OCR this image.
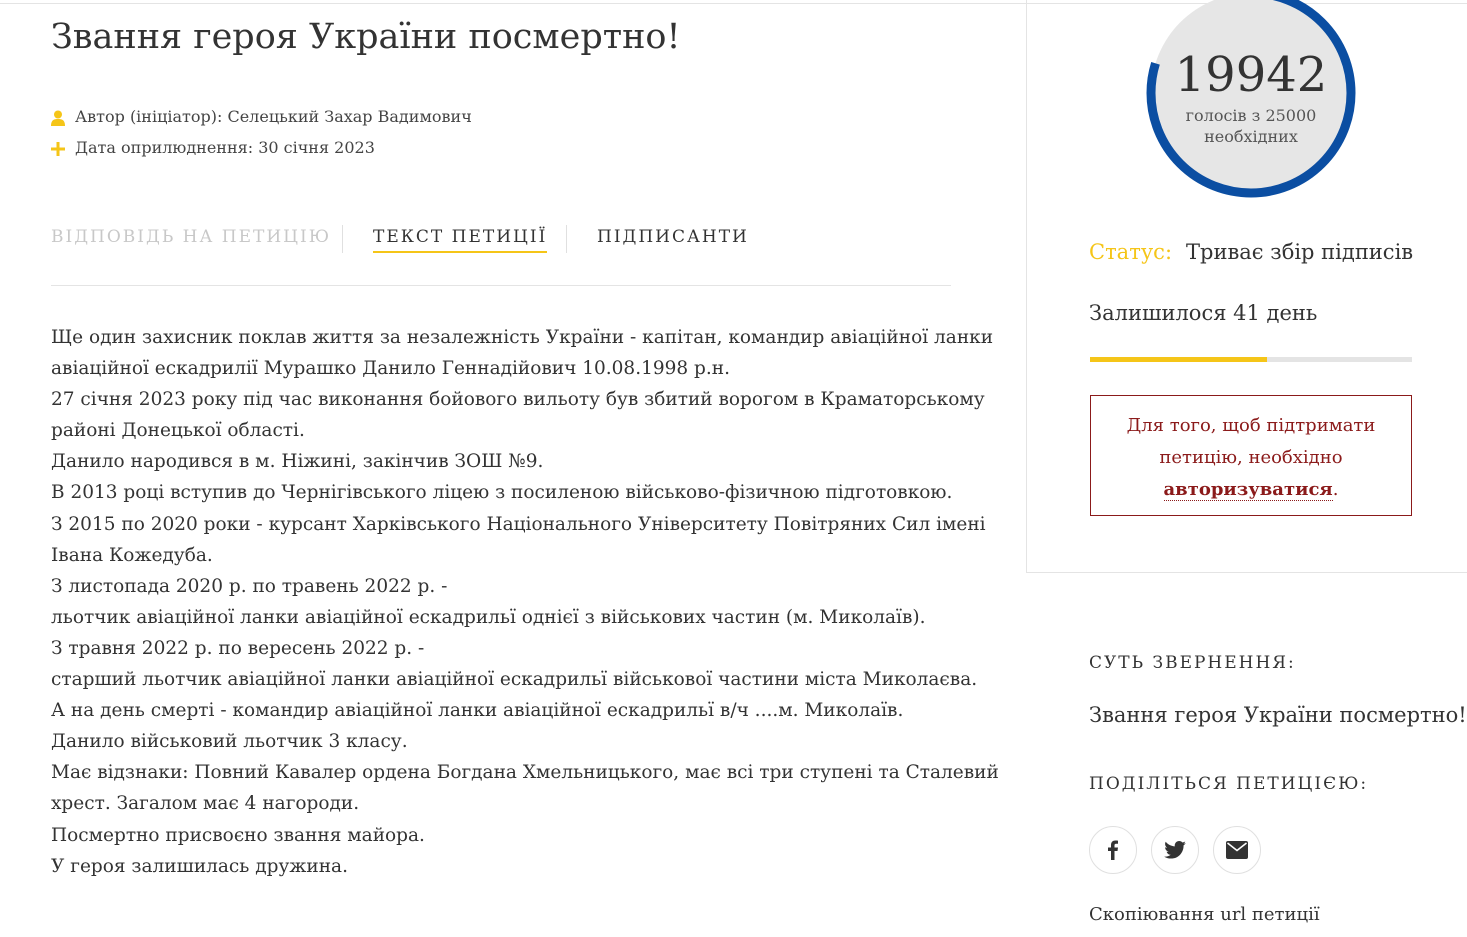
Звання героя України посмертно!
Автор (ініціатор): Селецький Захар Вадимович
Дата оприлюднення: 30 січня 2023
ВІДПОВІДЬ НА ПЕТИЦІЮ ТЕКСТ ПЕТИЦІЇ	ПІДПИСАНТИ

Ще один захисник поклав життя за незалежність України - капітан, командир авіаційної ланки

авіаційної ескадрилії Мурашко Данило Геннадійович 10.08.1998 р.н.

27 січня 2023 року під час виконання бойового вильоту був збитий ворогом в Краматорському

районі Донецької області.

Данило народився в м. Ніжині, закінчив ЗОШ №9.

В 2013 році вступив до Чернігівського ліцею з посиленою військово-фізичною підготовкою.

З 2015 по 2020 роки - курсант Харківського Національного Університету Повітряних Сил імені

Івана Кожедуба.

З листопада 2020 р. по травень 2022 р. -

льотчик авіаційної ланки авіаційної ескадрильї однієї з військових частин (м. Миколаїв).

З травня 2022 р. по вересень 2022 р. -

старший льотчик авіаційної ланки авіаційної ескадрильї військової частини міста Миколаєва.

А на день смерті - командир авіаційної ланки авіаційної ескадрильї в/ч ....м. Миколаїв.

Данило військовий льотчик 3 класу.

Має відзнаки: Повний Кавалер ордена Богдана Хмельницького, має всі три ступені та Сталевий

хрест. Загалом має 4 нагороди.

Посмертно присвоєно звання майора.

У героя залишилась дружина.

19942
голосів з 25000
необхідних
Статус: Триває збір підписів
Залишилося 41 день
Для того, щоб підтримати петицію, необхідно
авторизуватися.
СУТЬ ЗВЕРНЕННЯ:
Звання героя України посмертно!
ПОДІЛІТЬСЯ ПЕТИЦІЄЮ:
Скопіювання url петиції
